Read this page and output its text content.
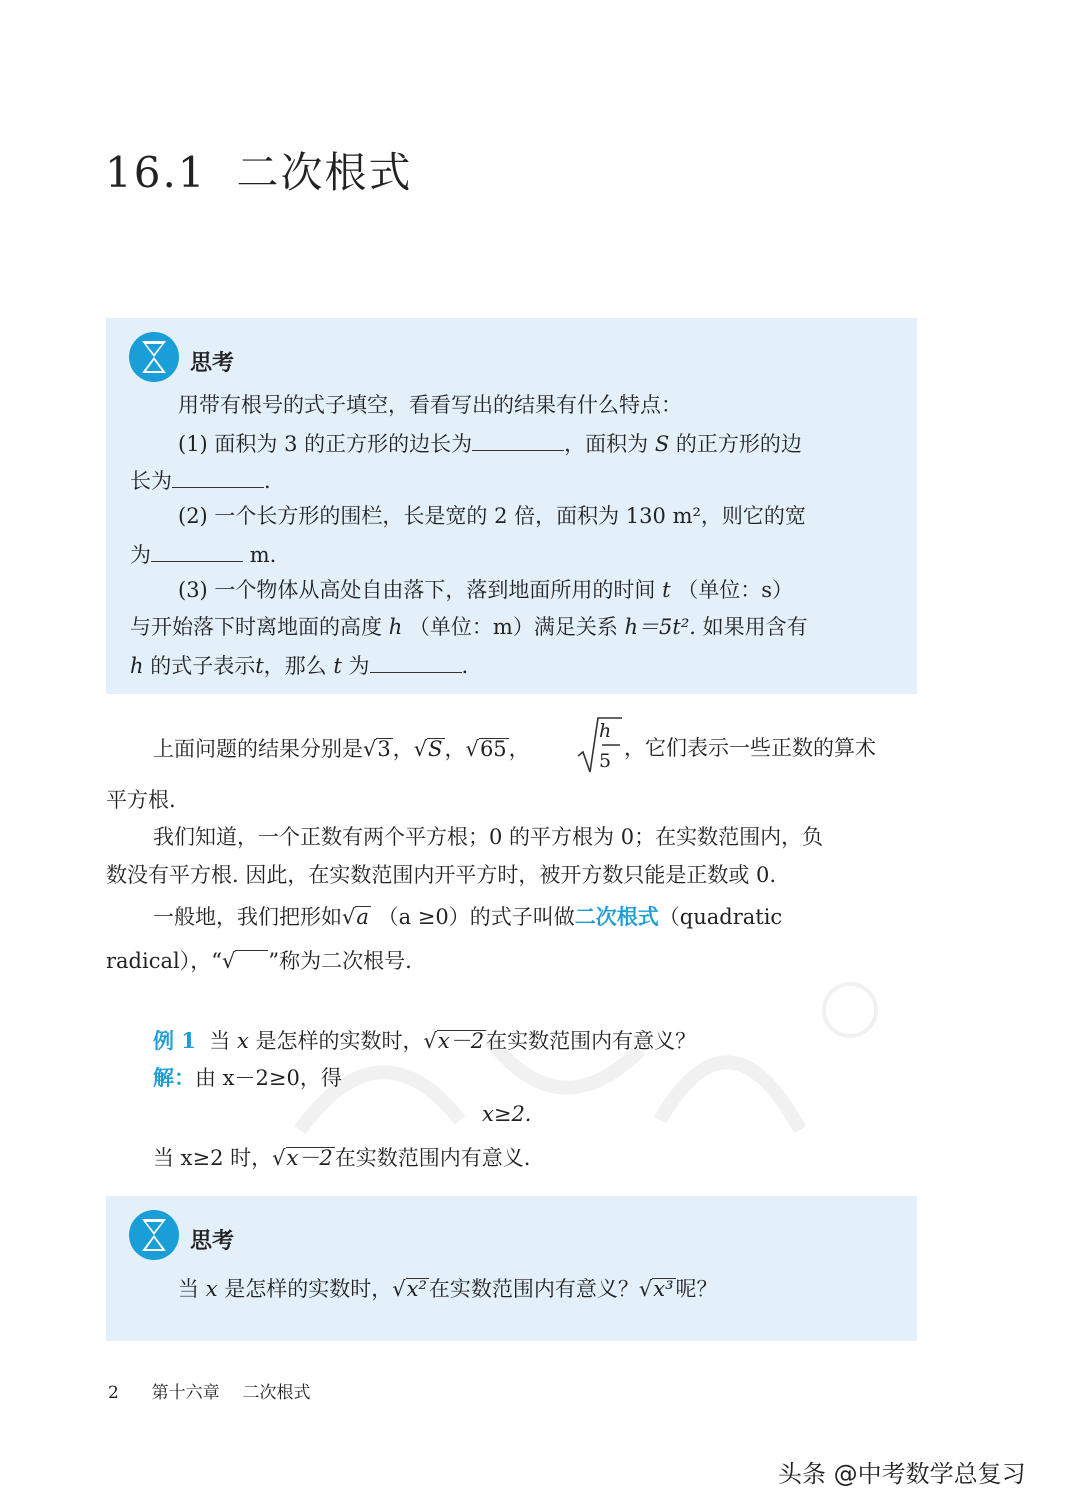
16.1 二次根式
思考
用带有根号的式子填空，看看写出的结果有什么特点：
(1) 面积为 3 的正方形的边长为	，面积为 S 的正方形的边
长为	.
(2) 一个长方形的围栏，长是宽的 2 倍，面积为 130 m²，则它的宽
为	m.
(3) 一个物体从高处自由落下，落到地面所用的时间 t （单位：s）
与开始落下时离地面的高度 h （单位：m）满足关系 h＝5t². 如果用含有
h 的式子表示t，那么 t 为	.
上面问题的结果分别是 √ 3 ， √ S ， √ 65 ，
h
5
，它们表示一些正数的算术
平方根.
我们知道，一个正数有两个平方根；0 的平方根为 0；在实数范围内，负
数没有平方根. 因此，在实数范围内开平方时，被开方数只能是正数或 0.
一般地，我们把形如 √ a （a ≥0）的式子叫做二次根式（quadratic
radical），“ √
”称为二次根号.
例 1 当 x 是怎样的实数时， √ x－2 在实数范围内有意义？
解：由 x－2≥0，得
x≥2.
当 x≥2 时， √ x－2 在实数范围内有意义.
思考
当 x 是怎样的实数时， √ x² 在实数范围内有意义？ √ x³ 呢？
2 第十六章 二次根式
头条 @中考数学总复习
